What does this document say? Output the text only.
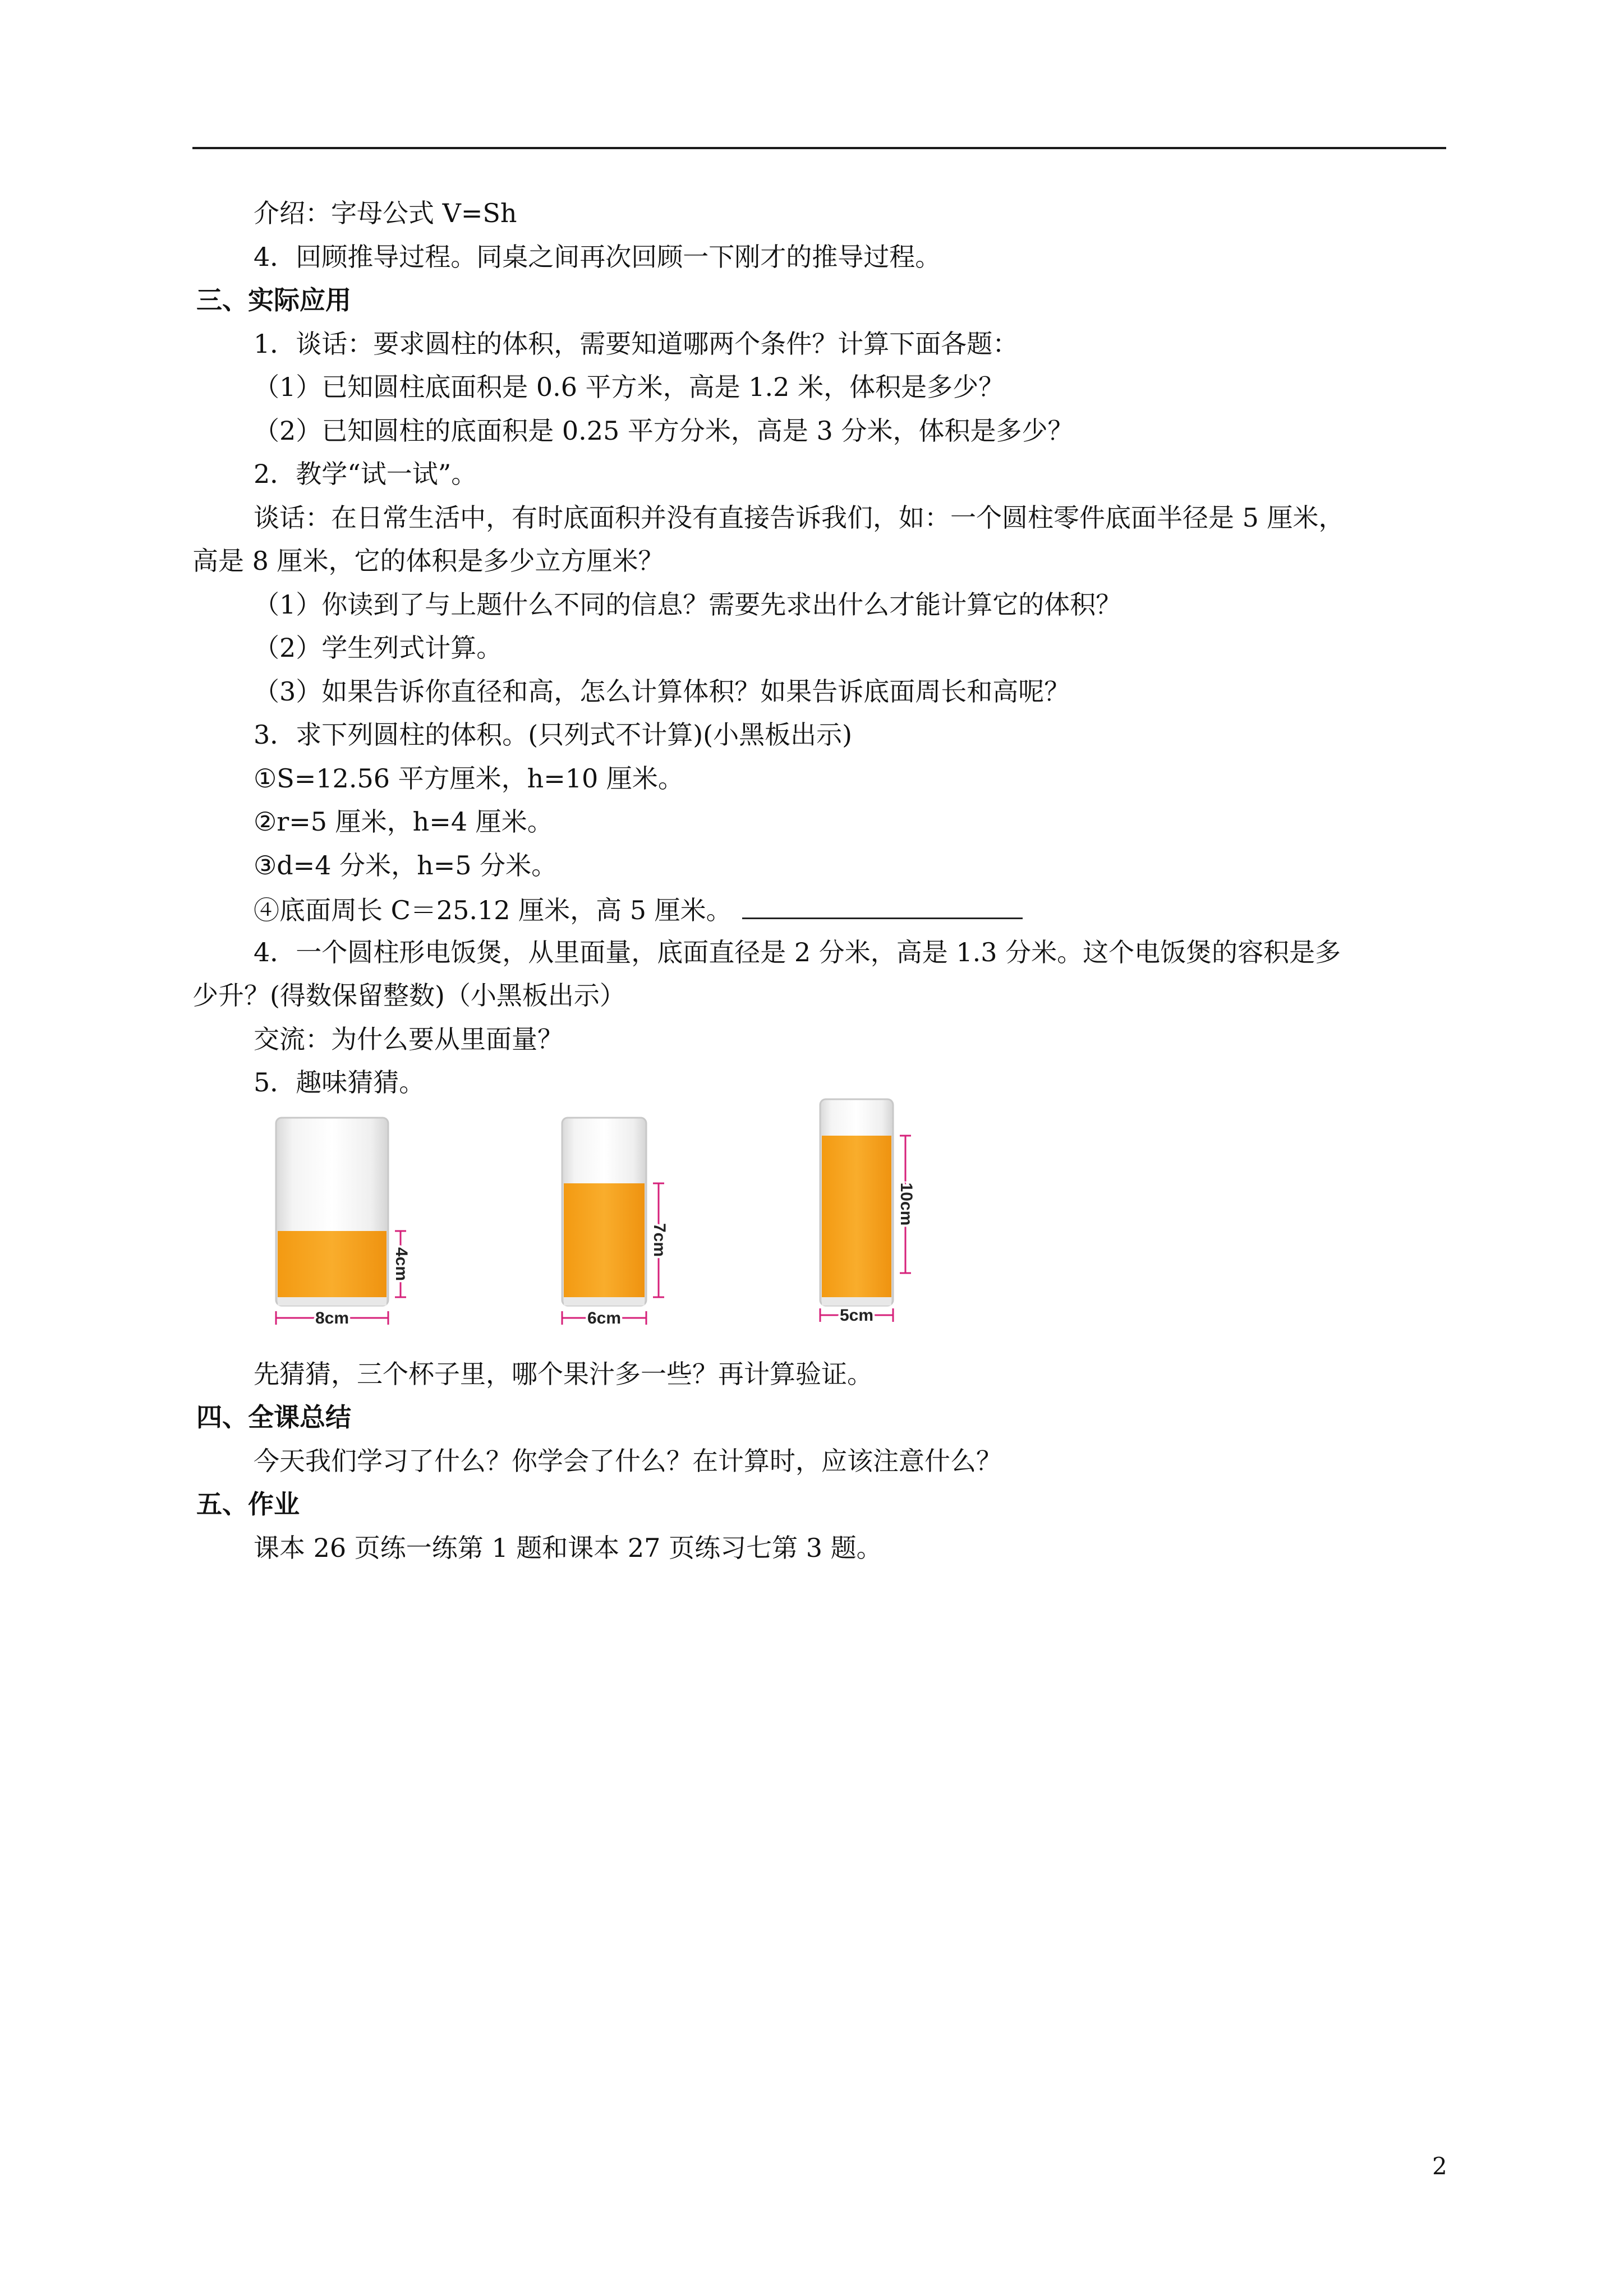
介绍：字母公式 V=Sh
4．回顾推导过程。同桌之间再次回顾一下刚才的推导过程。
三、实际应用
1．谈话：要求圆柱的体积，需要知道哪两个条件？计算下面各题：
（1）已知圆柱底面积是 0.6 平方米，高是 1.2 米，体积是多少？
（2）已知圆柱的底面积是 0.25 平方分米，高是 3 分米，体积是多少？
2．教学“试一试”。
谈话：在日常生活中，有时底面积并没有直接告诉我们，如：一个圆柱零件底面半径是 5 厘米，
高是 8 厘米，它的体积是多少立方厘米？
（1）你读到了与上题什么不同的信息？需要先求出什么才能计算它的体积？
（2）学生列式计算。
（3）如果告诉你直径和高，怎么计算体积？如果告诉底面周长和高呢？
3．求下列圆柱的体积。(只列式不计算)(小黑板出示)
①S=12.56 平方厘米，h=10 厘米。
②r=5 厘米，h=4 厘米。
③d=4 分米，h=5 分米。
④底面周长 C＝25.12 厘米，高 5 厘米。
4．一个圆柱形电饭煲，从里面量，底面直径是 2 分米，高是 1.3 分米。这个电饭煲的容积是多
少升？(得数保留整数)（小黑板出示）
交流：为什么要从里面量？
5．趣味猜猜。
4cm
8cm
7cm
6cm
10cm
5cm
先猜猜，三个杯子里，哪个果汁多一些？再计算验证。
四、全课总结
今天我们学习了什么？你学会了什么？在计算时，应该注意什么？
五、作业
课本 26 页练一练第 1 题和课本 27 页练习七第 3 题。
2
